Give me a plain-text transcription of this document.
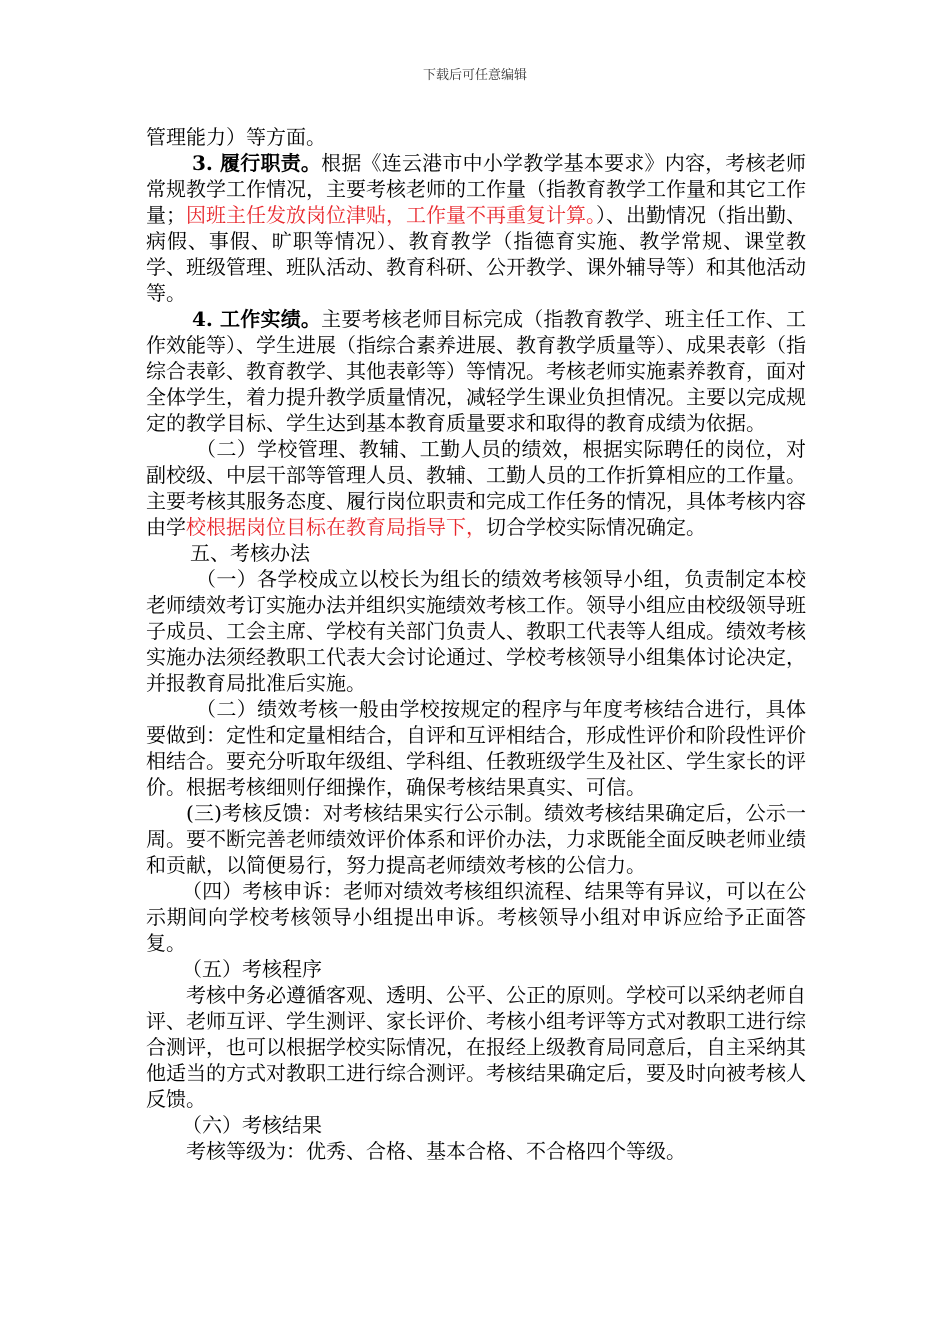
下载后可任意编辑

管理能力）等方面。

3. 履行职责。根据《连云港市中小学教学基本要求》内容，考核老师常规教学工作情况，主要考核老师的工作量（指教育教学工作量和其它工作量；因班主任发放岗位津贴，工作量不再重复计算。）、出勤情况（指出勤、病假、事假、旷职等情况）、教育教学（指德育实施、教学常规、课堂教学、班级管理、班队活动、教育科研、公开教学、课外辅导等）和其他活动等。

4. 工作实绩。主要考核老师目标完成（指教育教学、班主任工作、工作效能等）、学生进展（指综合素养进展、教育教学质量等）、成果表彰（指综合表彰、教育教学、其他表彰等）等情况。考核老师实施素养教育，面对全体学生，着力提升教学质量情况，减轻学生课业负担情况。主要以完成规定的教学目标、学生达到基本教育质量要求和取得的教育成绩为依据。

（二）学校管理、教辅、工勤人员的绩效，根据实际聘任的岗位，对副校级、中层干部等管理人员、教辅、工勤人员的工作折算相应的工作量。主要考核其服务态度、履行岗位职责和完成工作任务的情况，具体考核内容由学校根据岗位目标在教育局指导下，切合学校实际情况确定。

五、考核办法

（一）各学校成立以校长为组长的绩效考核领导小组，负责制定本校老师绩效考订实施办法并组织实施绩效考核工作。领导小组应由校级领导班子成员、工会主席、学校有关部门负责人、教职工代表等人组成。绩效考核实施办法须经教职工代表大会讨论通过、学校考核领导小组集体讨论决定，并报教育局批准后实施。

（二）绩效考核一般由学校按规定的程序与年度考核结合进行，具体要做到：定性和定量相结合，自评和互评相结合，形成性评价和阶段性评价相结合。要充分听取年级组、学科组、任教班级学生及社区、学生家长的评价。根据考核细则仔细操作，确保考核结果真实、可信。

(三)考核反馈：对考核结果实行公示制。绩效考核结果确定后，公示一周。要不断完善老师绩效评价体系和评价办法，力求既能全面反映老师业绩和贡献，以简便易行，努力提高老师绩效考核的公信力。

（四）考核申诉：老师对绩效考核组织流程、结果等有异议，可以在公示期间向学校考核领导小组提出申诉。考核领导小组对申诉应给予正面答复。

（五）考核程序

考核中务必遵循客观、透明、公平、公正的原则。学校可以采纳老师自评、老师互评、学生测评、家长评价、考核小组考评等方式对教职工进行综合测评，也可以根据学校实际情况，在报经上级教育局同意后，自主采纳其他适当的方式对教职工进行综合测评。考核结果确定后，要及时向被考核人反馈。

（六）考核结果

考核等级为：优秀、合格、基本合格、不合格四个等级。
